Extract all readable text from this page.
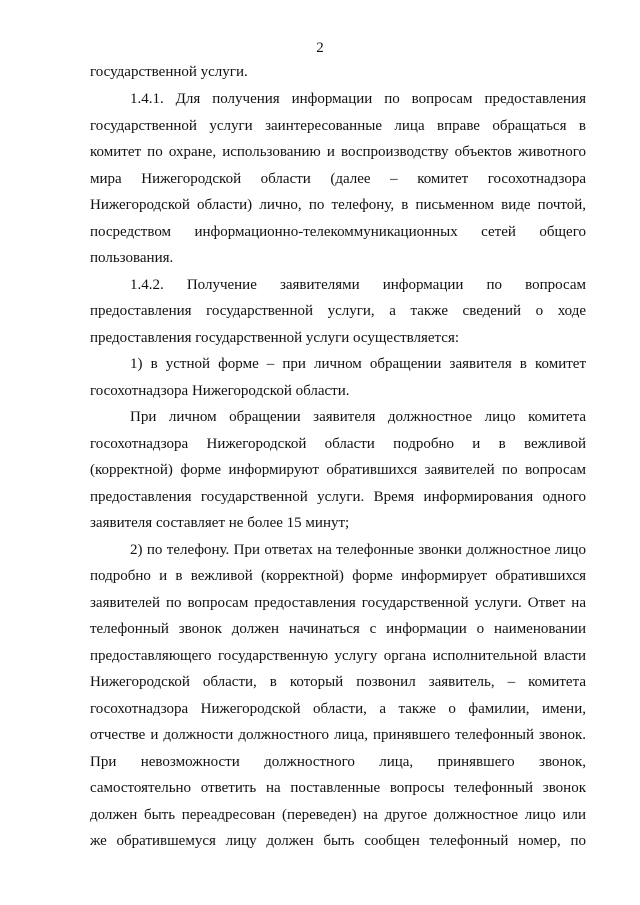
2
государственной услуги.
1.4.1. Для получения информации по вопросам предоставления
государственной услуги заинтересованные лица вправе обращаться в
комитет по охране, использованию и воспроизводству объектов животного
мира Нижегородской области (далее – комитет госохотнадзора
Нижегородской области) лично, по телефону, в письменном виде почтой,
посредством информационно-телекоммуникационных сетей общего
пользования.
1.4.2. Получение заявителями информации по вопросам
предоставления государственной услуги, а также сведений о ходе
предоставления государственной услуги осуществляется:
1) в устной форме – при личном обращении заявителя в комитет
госохотнадзора Нижегородской области.
При личном обращении заявителя должностное лицо комитета
госохотнадзора Нижегородской области подробно и в вежливой
(корректной) форме информируют обратившихся заявителей по вопросам
предоставления государственной услуги. Время информирования одного
заявителя составляет не более 15 минут;
2) по телефону. При ответах на телефонные звонки должностное лицо
подробно и в вежливой (корректной) форме информирует обратившихся
заявителей по вопросам предоставления государственной услуги. Ответ на
телефонный звонок должен начинаться с информации о наименовании
предоставляющего государственную услугу органа исполнительной власти
Нижегородской области, в который позвонил заявитель, – комитета
госохотнадзора Нижегородской области, а также о фамилии, имени,
отчестве и должности должностного лица, принявшего телефонный звонок.
При невозможности должностного лица, принявшего звонок,
самостоятельно ответить на поставленные вопросы телефонный звонок
должен быть переадресован (переведен) на другое должностное лицо или
же обратившемуся лицу должен быть сообщен телефонный номер, по
